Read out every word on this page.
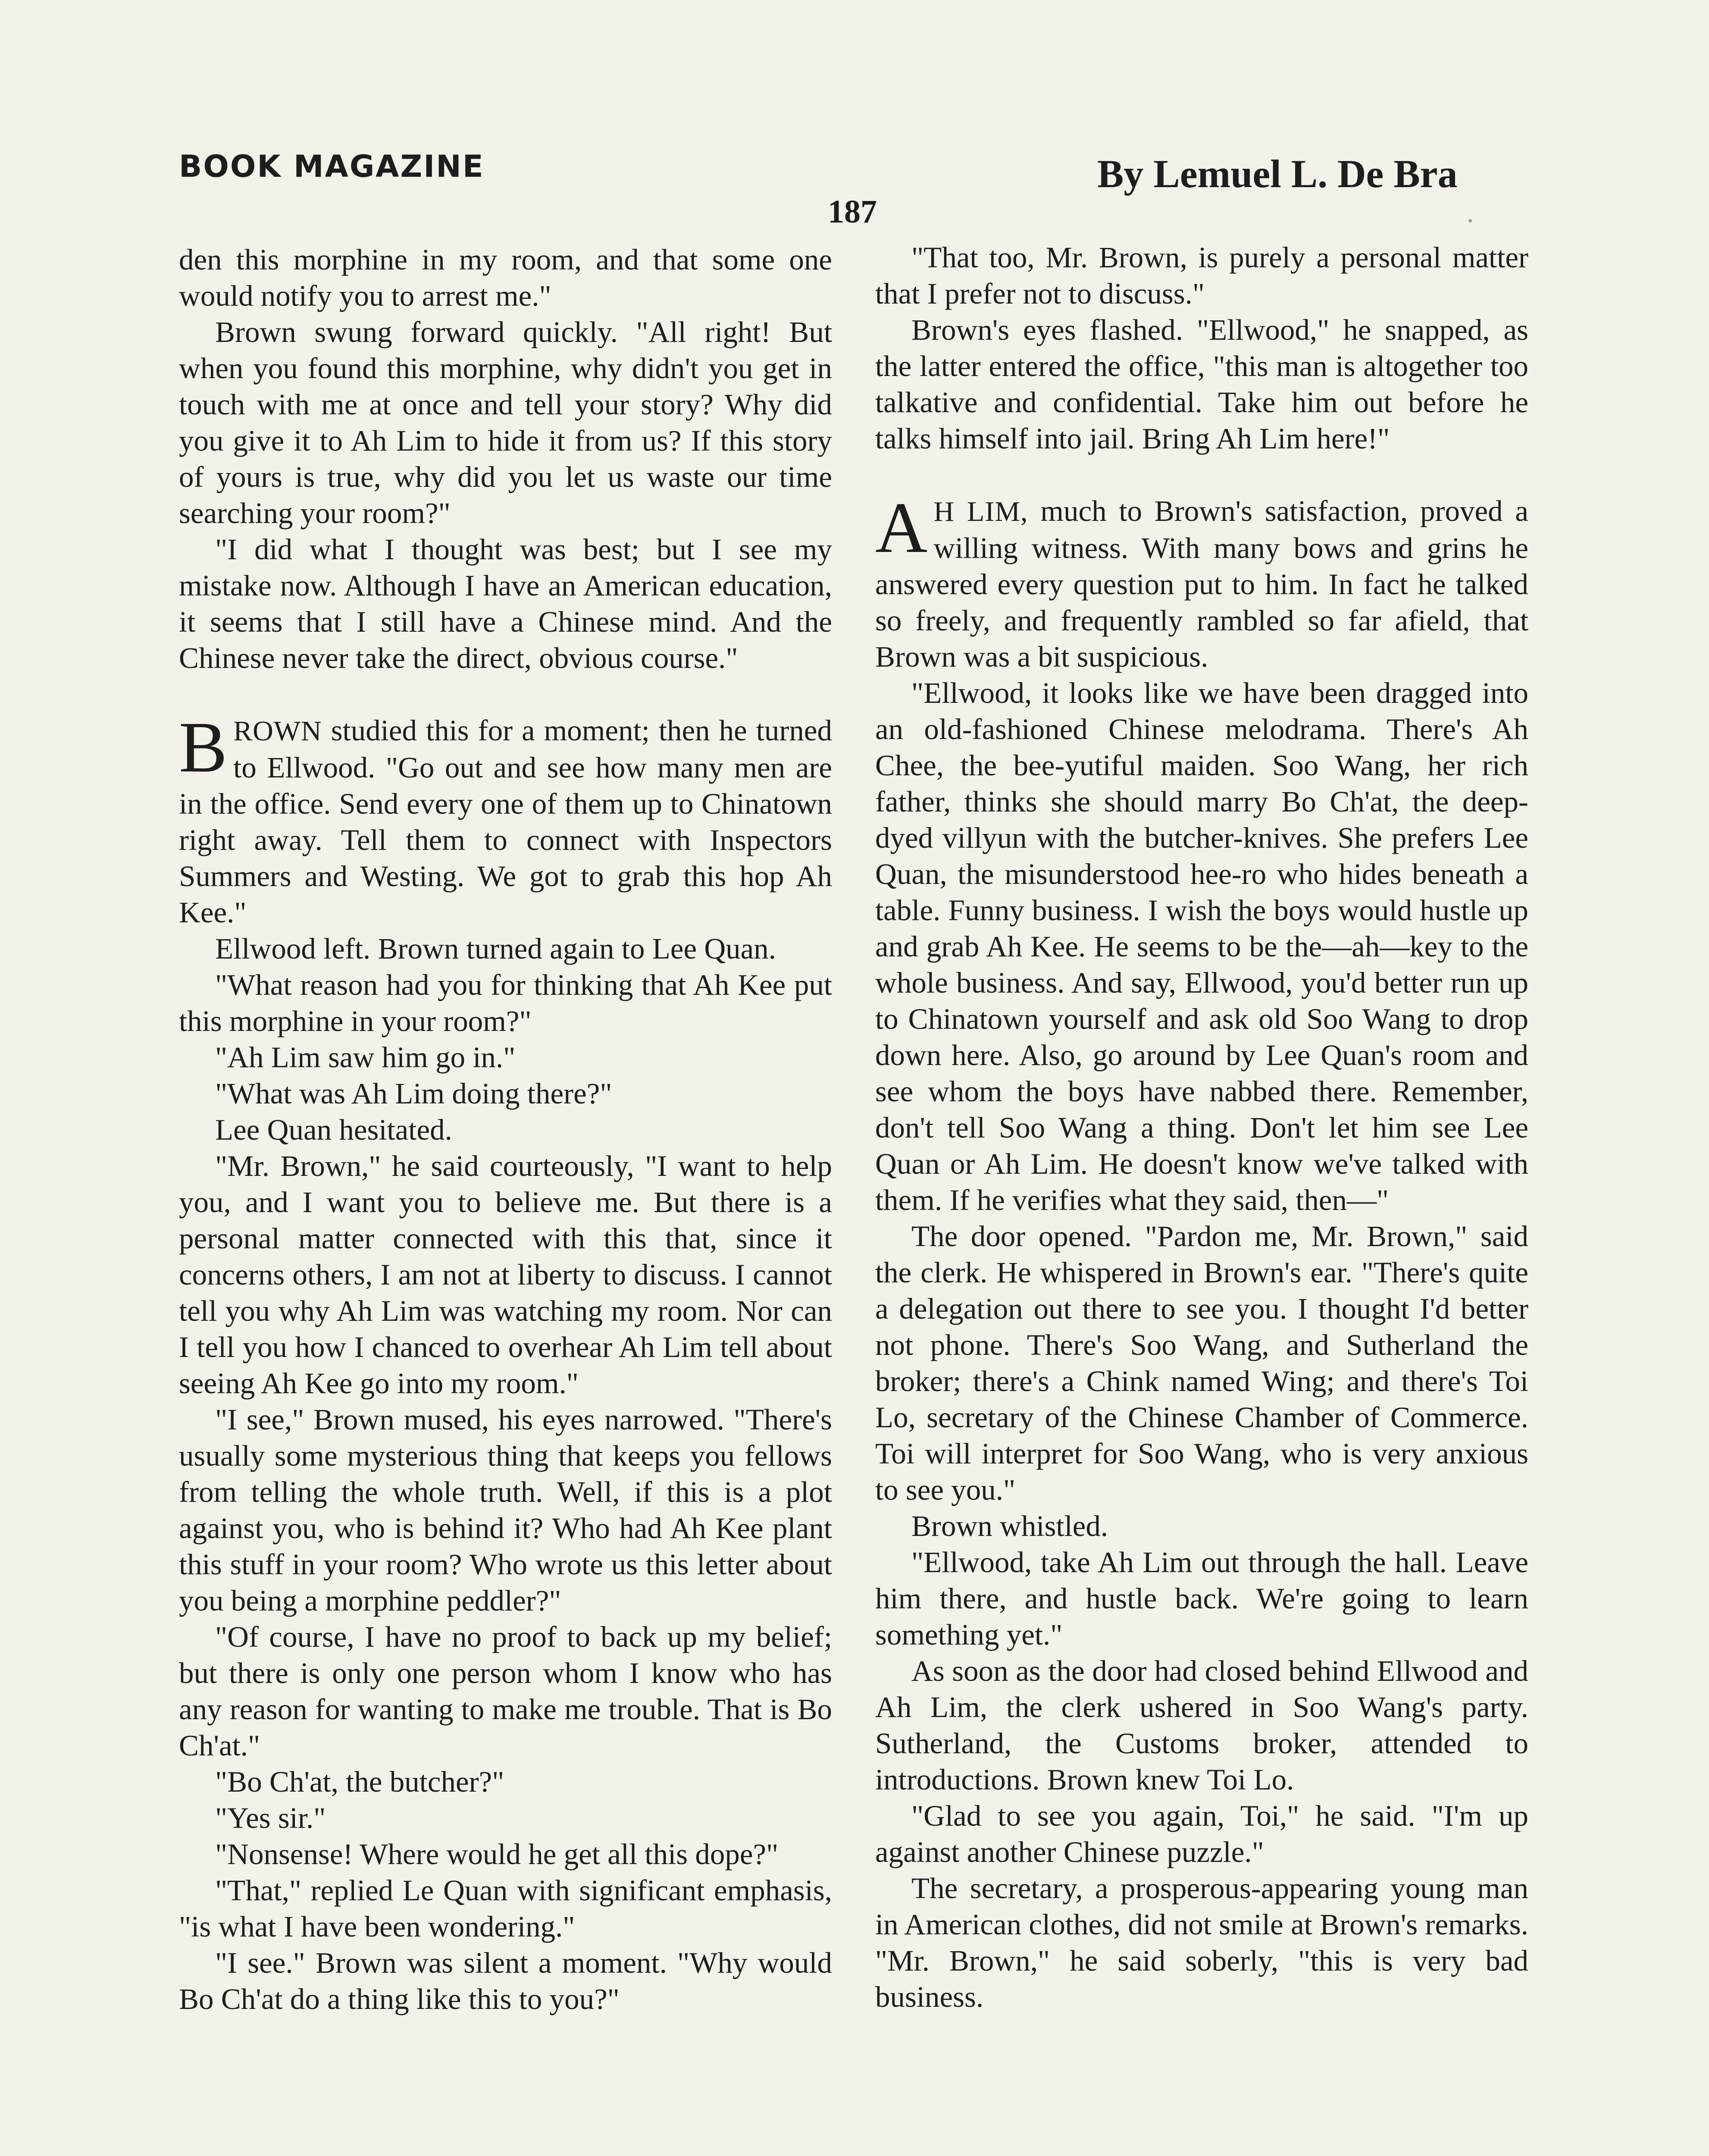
BOOK MAGAZINE	By Lemuel L. De Bra
187

den this morphine in my room, and that some one would notify you to arrest me."

Brown swung forward quickly. "All right! But when you found this morphine, why didn't you get in touch with me at once and tell your story? Why did you give it to Ah Lim to hide it from us? If this story of yours is true, why did you let us waste our time searching your room?"

"I did what I thought was best; but I see my mistake now. Although I have an American education, it seems that I still have a Chinese mind. And the Chinese never take the direct, obvious course."

BROWN studied this for a moment; then he turned to Ellwood. "Go out and see how many men are in the office. Send every one of them up to Chinatown right away. Tell them to connect with Inspectors Summers and Westing. We got to grab this hop Ah Kee."

Ellwood left. Brown turned again to Lee Quan.

"What reason had you for thinking that Ah Kee put this morphine in your room?"

"Ah Lim saw him go in."

"What was Ah Lim doing there?"

Lee Quan hesitated.

"Mr. Brown," he said courteously, "I want to help you, and I want you to believe me. But there is a personal matter connected with this that, since it concerns others, I am not at liberty to discuss. I cannot tell you why Ah Lim was watching my room. Nor can I tell you how I chanced to overhear Ah Lim tell about seeing Ah Kee go into my room."

"I see," Brown mused, his eyes narrowed. "There's usually some mysterious thing that keeps you fellows from telling the whole truth. Well, if this is a plot against you, who is behind it? Who had Ah Kee plant this stuff in your room? Who wrote us this letter about you being a morphine peddler?"

"Of course, I have no proof to back up my belief; but there is only one person whom I know who has any reason for wanting to make me trouble. That is Bo Ch'at."

"Bo Ch'at, the butcher?"

"Yes sir."

"Nonsense! Where would he get all this dope?"

"That," replied Le Quan with significant emphasis, "is what I have been wondering."

"I see." Brown was silent a moment. "Why would Bo Ch'at do a thing like this to you?"

"That too, Mr. Brown, is purely a personal matter that I prefer not to discuss."

Brown's eyes flashed. "Ellwood," he snapped, as the latter entered the office, "this man is altogether too talkative and confidential. Take him out before he talks himself into jail. Bring Ah Lim here!"

A H LIM, much to Brown's satisfaction, proved a willing witness. With many bows and grins he answered every question put to him. In fact he talked so freely, and frequently rambled so far afield, that Brown was a bit suspicious.

"Ellwood, it looks like we have been dragged into an old-fashioned Chinese melodrama. There's Ah Chee, the bee-yutiful maiden. Soo Wang, her rich father, thinks she should marry Bo Ch'at, the deep-dyed villyun with the butcher-knives. She prefers Lee Quan, the misunderstood hee-ro who hides beneath a table. Funny business. I wish the boys would hustle up and grab Ah Kee. He seems to be the—ah—key to the whole business. And say, Ellwood, you'd better run up to Chinatown yourself and ask old Soo Wang to drop down here. Also, go around by Lee Quan's room and see whom the boys have nabbed there. Remember, don't tell Soo Wang a thing. Don't let him see Lee Quan or Ah Lim. He doesn't know we've talked with them. If he verifies what they said, then—"

The door opened. "Pardon me, Mr. Brown," said the clerk. He whispered in Brown's ear. "There's quite a delegation out there to see you. I thought I'd better not phone. There's Soo Wang, and Sutherland the broker; there's a Chink named Wing; and there's Toi Lo, secretary of the Chinese Chamber of Commerce. Toi will interpret for Soo Wang, who is very anxious to see you."

Brown whistled.

"Ellwood, take Ah Lim out through the hall. Leave him there, and hustle back. We're going to learn something yet."

As soon as the door had closed behind Ellwood and Ah Lim, the clerk ushered in Soo Wang's party. Sutherland, the Customs broker, attended to introductions. Brown knew Toi Lo.

"Glad to see you again, Toi," he said. "I'm up against another Chinese puzzle."

The secretary, a prosperous-appearing young man in American clothes, did not smile at Brown's remarks. "Mr. Brown," he said soberly, "this is very bad business.
